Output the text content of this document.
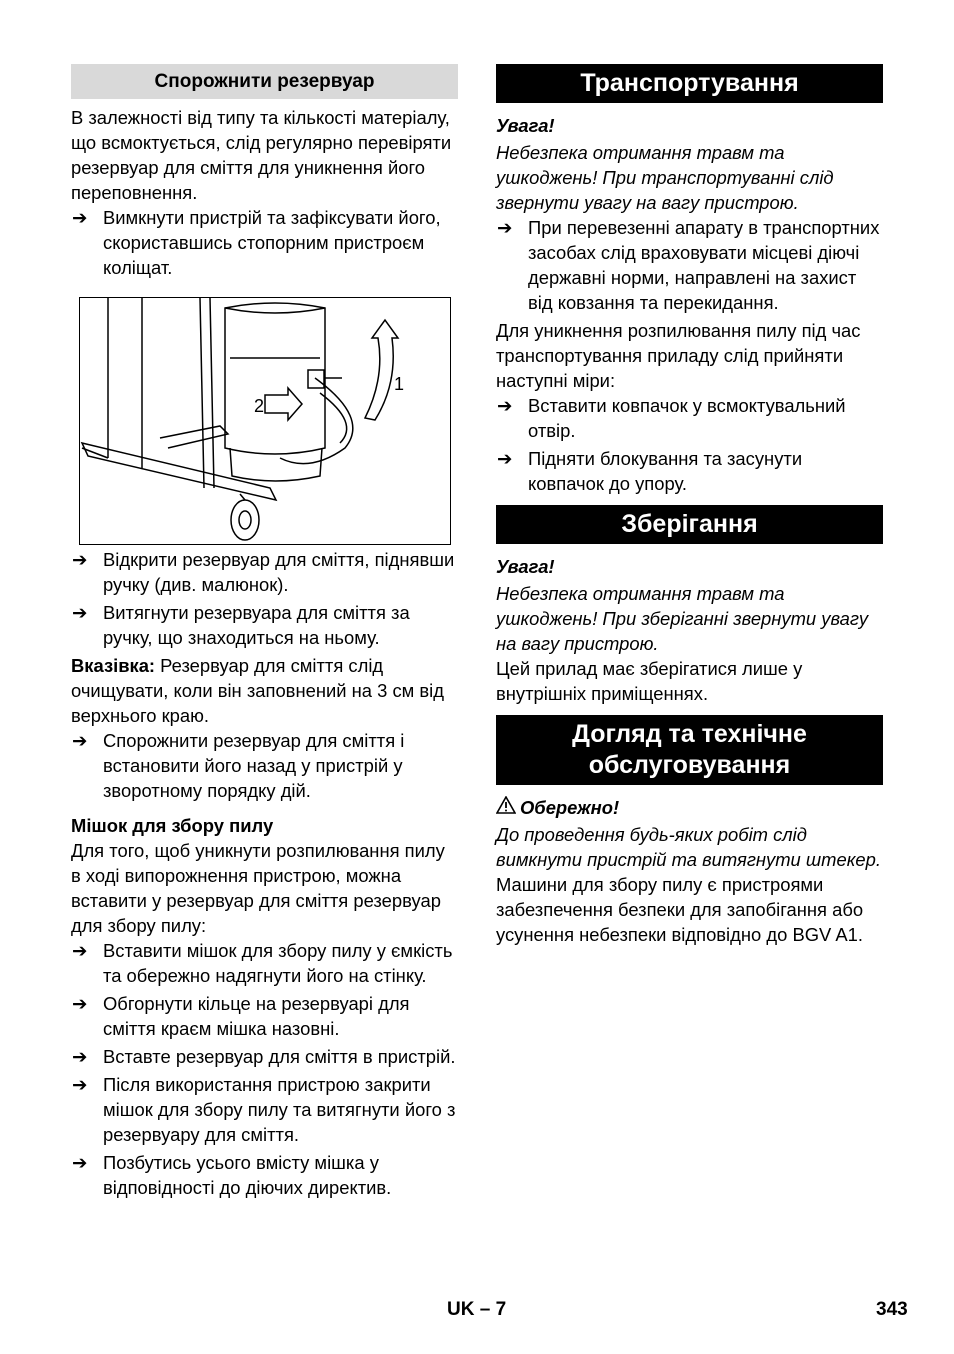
Спорожнити резервуар

В залежності від типу та кількості матеріалу, що всмоктується, слід регулярно перевіряти резервуар для сміття для уникнення його переповнення.

➔ Вимкнути пристрій та зафіксувати його, скориставшись стопорним пристроєм коліщат.

2
1

➔ Відкрити резервуар для сміття, піднявши ручку (див. малюнок).

➔ Витягнути резервуара для сміття за ручку, що знаходиться на ньому.

Вказівка: Резервуар для сміття слід очищувати, коли він заповнений на 3 см від верхнього краю.

➔ Спорожнити резервуар для сміття і встановити його назад у пристрій у зворотному порядку дій.

Мішок для збору пилу

Для того, щоб уникнути розпилювання пилу в ході випорожнення пристрою, можна вставити у резервуар для сміття резервуар для збору пилу:

➔ Вставити мішок для збору пилу у ємкість та обережно надягнути його на стінку.

➔ Обгорнути кільце на резервуарі для сміття краєм мішка назовні.

➔ Вставте резервуар для сміття в пристрій.

➔ Після використання пристрою закрити мішок для збору пилу та витягнути його з резервуару для сміття.

➔ Позбутись усього вмісту мішка у відповідності до діючих директив.

Транспортування

Увага!

Небезпека отримання травм та ушкоджень! При транспортуванні слід звернути увагу на вагу пристрою.

➔ При перевезенні апарату в транспортних засобах слід враховувати місцеві діючі державні норми, направлені на захист від ковзання та перекидання.

Для уникнення розпилювання пилу під час транспортування приладу слід прийняти наступні міри:

➔ Вставити ковпачок у всмоктувальний отвір.

➔ Підняти блокування та засунути ковпачок до упору.

Зберігання

Увага!

Небезпека отримання травм та ушкоджень! При зберіганні звернути увагу на вагу пристрою.

Цей прилад має зберігатися лише у внутрішніх приміщеннях.

Догляд та технічне
обслуговування

Обережно!

До проведення будь-яких робіт слід вимкнути пристрій та витягнути штекер.

Машини для збору пилу є пристроями забезпечення безпеки для запобігання або усунення небезпеки відповідно до BGV A1.

UK – 7	343
